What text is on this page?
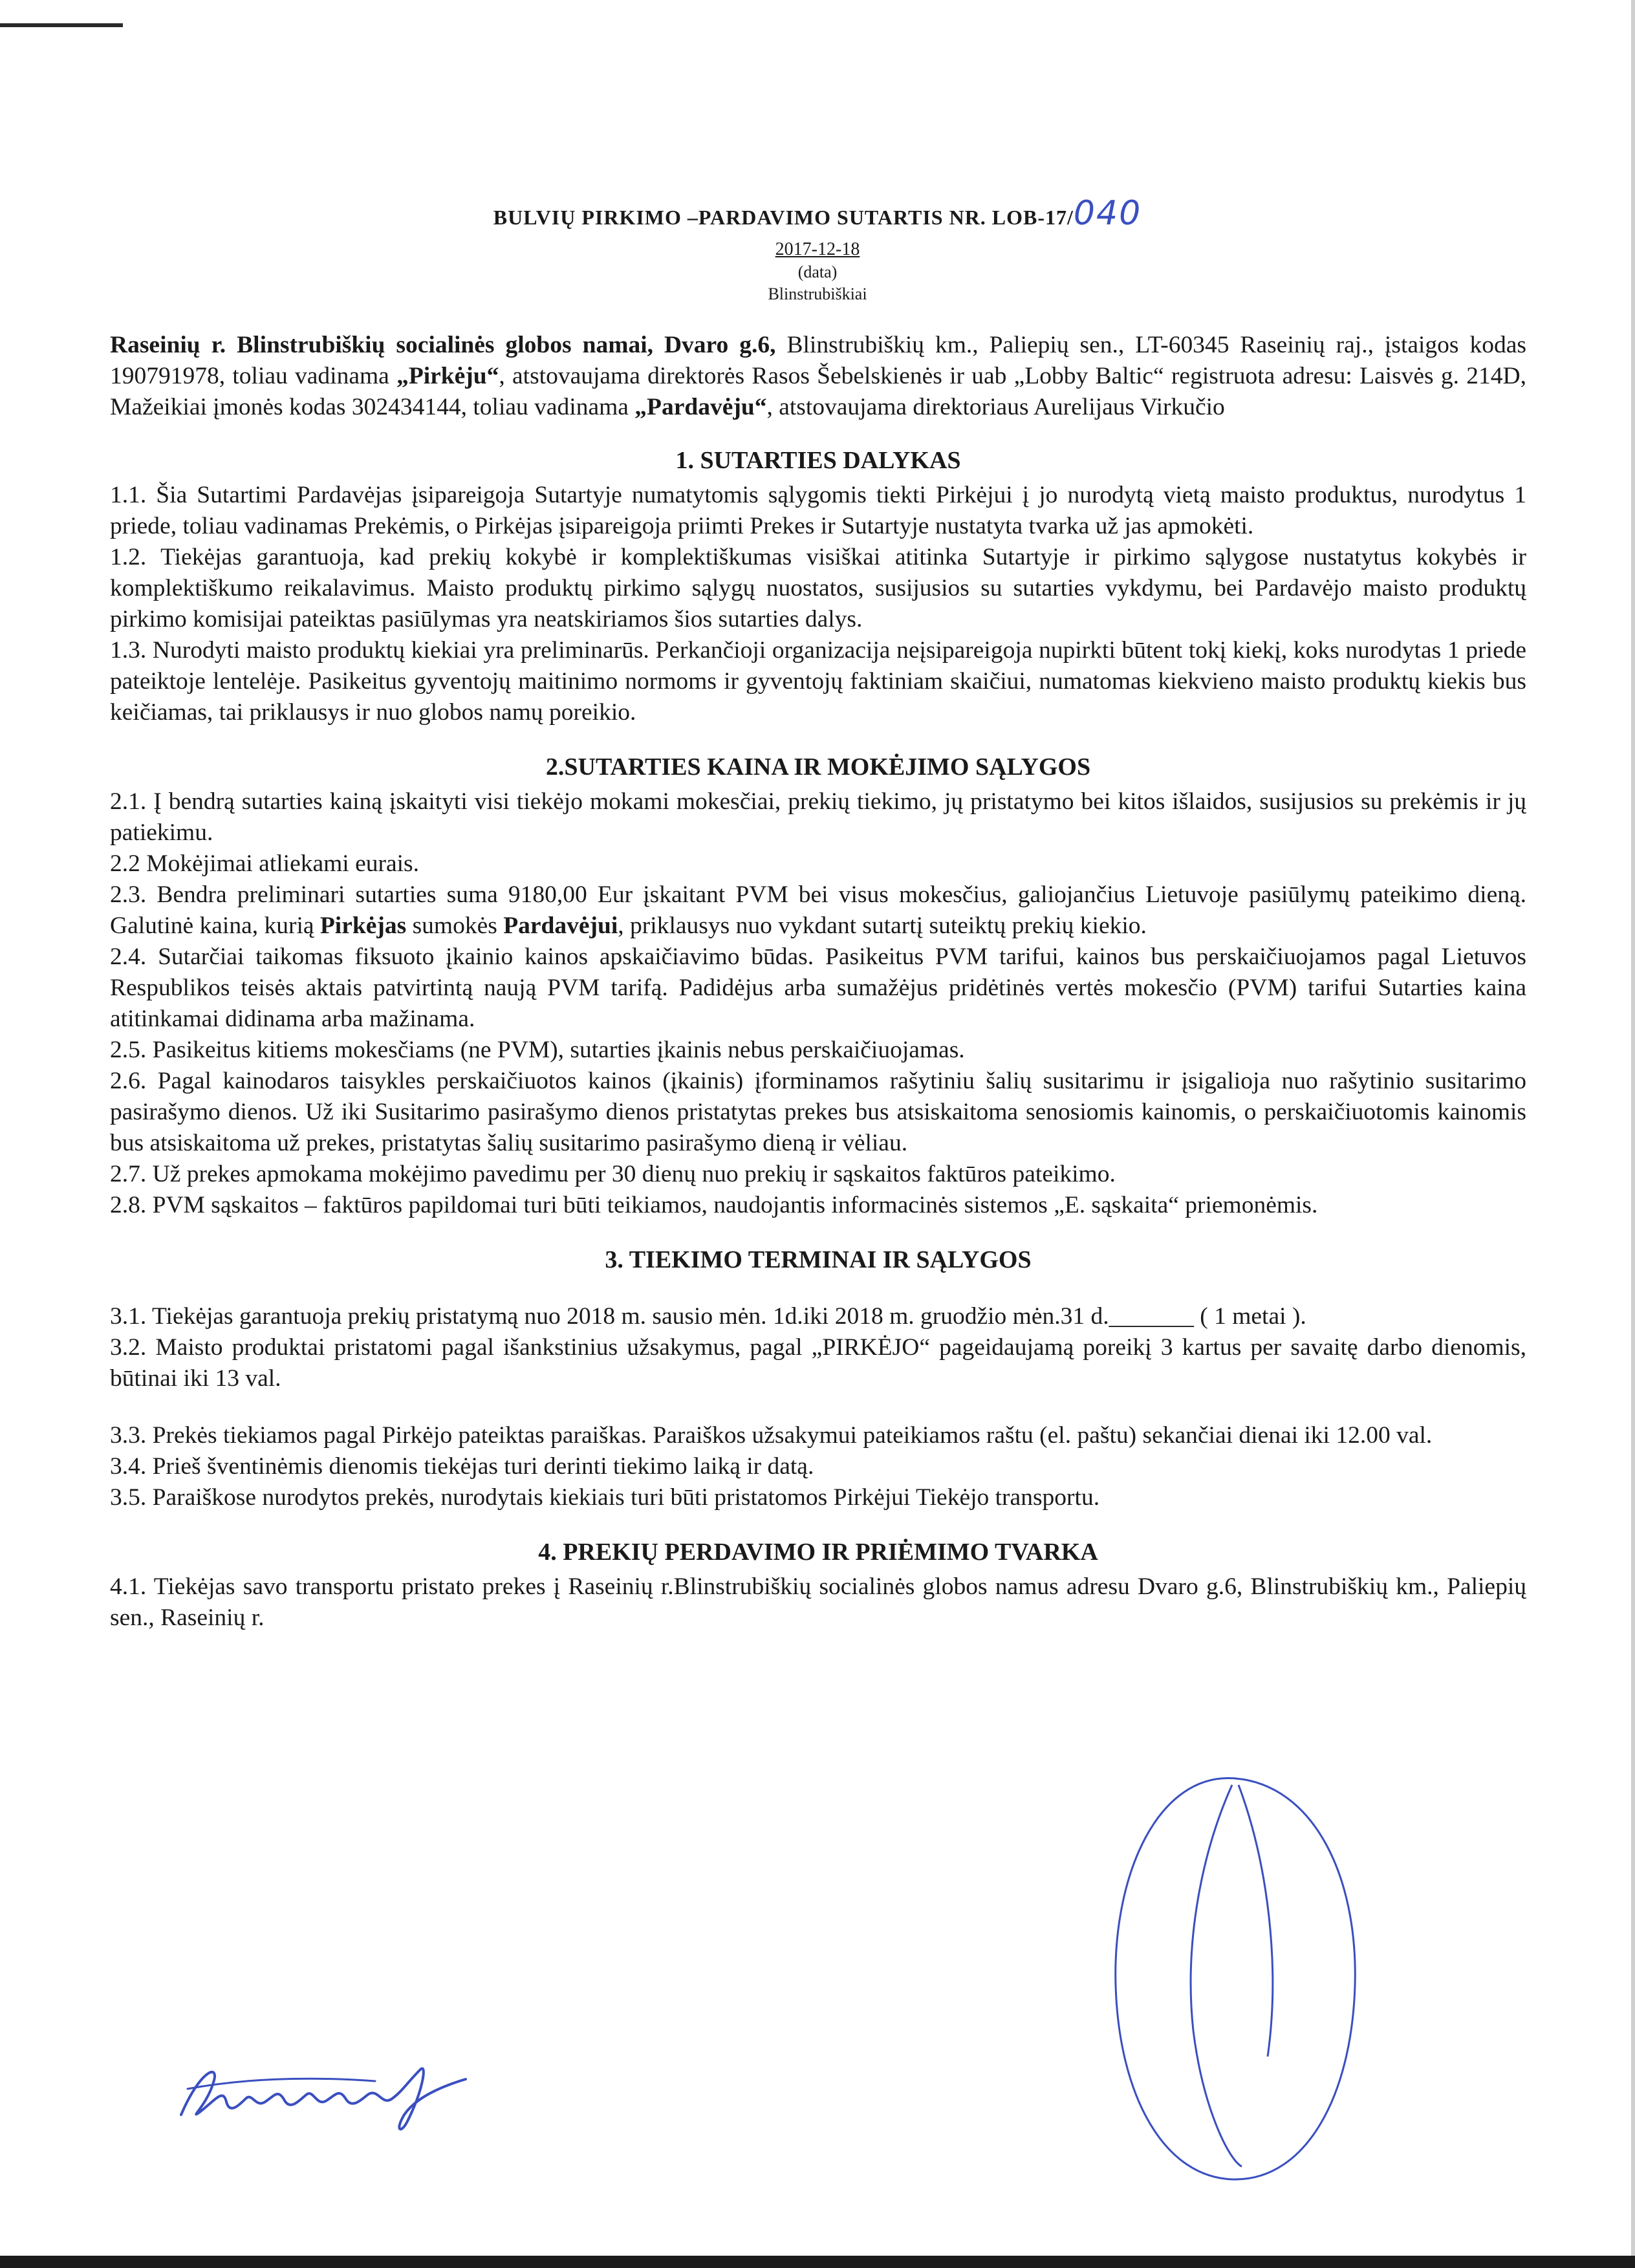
BULVIŲ PIRKIMO –PARDAVIMO SUTARTIS NR. LOB-17/040
2017-12-18
(data)
Blinstrubiškiai

Raseinių r. Blinstrubiškių socialinės globos namai, Dvaro g.6, Blinstrubiškių km., Paliepių sen., LT-60345 Raseinių raj., įstaigos kodas 190791978, toliau vadinama „Pirkėju“, atstovaujama direktorės Rasos Šebelskienės ir uab „Lobby Baltic“ registruota adresu: Laisvės g. 214D, Mažeikiai įmonės kodas 302434144, toliau vadinama „Pardavėju“, atstovaujama direktoriaus Aurelijaus Virkučio

1. SUTARTIES DALYKAS

1.1. Šia Sutartimi Pardavėjas įsipareigoja Sutartyje numatytomis sąlygomis tiekti Pirkėjui į jo nurodytą vietą maisto produktus, nurodytus 1 priede, toliau vadinamas Prekėmis, o Pirkėjas įsipareigoja priimti Prekes ir Sutartyje nustatyta tvarka už jas apmokėti.

1.2. Tiekėjas garantuoja, kad prekių kokybė ir komplektiškumas visiškai atitinka Sutartyje ir pirkimo sąlygose nustatytus kokybės ir komplektiškumo reikalavimus. Maisto produktų pirkimo sąlygų nuostatos, susijusios su sutarties vykdymu, bei Pardavėjo maisto produktų pirkimo komisijai pateiktas pasiūlymas yra neatskiriamos šios sutarties dalys.

1.3. Nurodyti maisto produktų kiekiai yra preliminarūs. Perkančioji organizacija neįsipareigoja nupirkti būtent tokį kiekį, koks nurodytas 1 priede pateiktoje lentelėje. Pasikeitus gyventojų maitinimo normoms ir gyventojų faktiniam skaičiui, numatomas kiekvieno maisto produktų kiekis bus keičiamas, tai priklausys ir nuo globos namų poreikio.

2.SUTARTIES KAINA IR MOKĖJIMO SĄLYGOS

2.1. Į bendrą sutarties kainą įskaityti visi tiekėjo mokami mokesčiai, prekių tiekimo, jų pristatymo bei kitos išlaidos, susijusios su prekėmis ir jų patiekimu.

2.2 Mokėjimai atliekami eurais.

2.3. Bendra preliminari sutarties suma 9180,00 Eur įskaitant PVM bei visus mokesčius, galiojančius Lietuvoje pasiūlymų pateikimo dieną. Galutinė kaina, kurią Pirkėjas sumokės Pardavėjui, priklausys nuo vykdant sutartį suteiktų prekių kiekio.

2.4. Sutarčiai taikomas fiksuoto įkainio kainos apskaičiavimo būdas. Pasikeitus PVM tarifui, kainos bus perskaičiuojamos pagal Lietuvos Respublikos teisės aktais patvirtintą naują PVM tarifą. Padidėjus arba sumažėjus pridėtinės vertės mokesčio (PVM) tarifui Sutarties kaina atitinkamai didinama arba mažinama.

2.5. Pasikeitus kitiems mokesčiams (ne PVM), sutarties įkainis nebus perskaičiuojamas.

2.6. Pagal kainodaros taisykles perskaičiuotos kainos (įkainis) įforminamos rašytiniu šalių susitarimu ir įsigalioja nuo rašytinio susitarimo pasirašymo dienos. Už iki Susitarimo pasirašymo dienos pristatytas prekes bus atsiskaitoma senosiomis kainomis, o perskaičiuotomis kainomis bus atsiskaitoma už prekes, pristatytas šalių susitarimo pasirašymo dieną ir vėliau.

2.7. Už prekes apmokama mokėjimo pavedimu per 30 dienų nuo prekių ir sąskaitos faktūros pateikimo.

2.8. PVM sąskaitos – faktūros papildomai turi būti teikiamos, naudojantis informacinės sistemos „E. sąskaita“ priemonėmis.

3. TIEKIMO TERMINAI IR SĄLYGOS

3.1. Tiekėjas garantuoja prekių pristatymą nuo 2018 m. sausio mėn. 1d.iki 2018 m. gruodžio mėn.31 d._______ ( 1 metai ).

3.2. Maisto produktai pristatomi pagal išankstinius užsakymus, pagal „PIRKĖJO“ pageidaujamą poreikį 3 kartus per savaitę darbo dienomis, būtinai iki 13 val.

3.3. Prekės tiekiamos pagal Pirkėjo pateiktas paraiškas. Paraiškos užsakymui pateikiamos raštu (el. paštu) sekančiai dienai iki 12.00 val.

3.4. Prieš šventinėmis dienomis tiekėjas turi derinti tiekimo laiką ir datą.

3.5. Paraiškose nurodytos prekės, nurodytais kiekiais turi būti pristatomos Pirkėjui Tiekėjo transportu.

4. PREKIŲ PERDAVIMO IR PRIĖMIMO TVARKA

4.1. Tiekėjas savo transportu pristato prekes į Raseinių r.Blinstrubiškių socialinės globos namus adresu Dvaro g.6, Blinstrubiškių km., Paliepių sen., Raseinių r.
